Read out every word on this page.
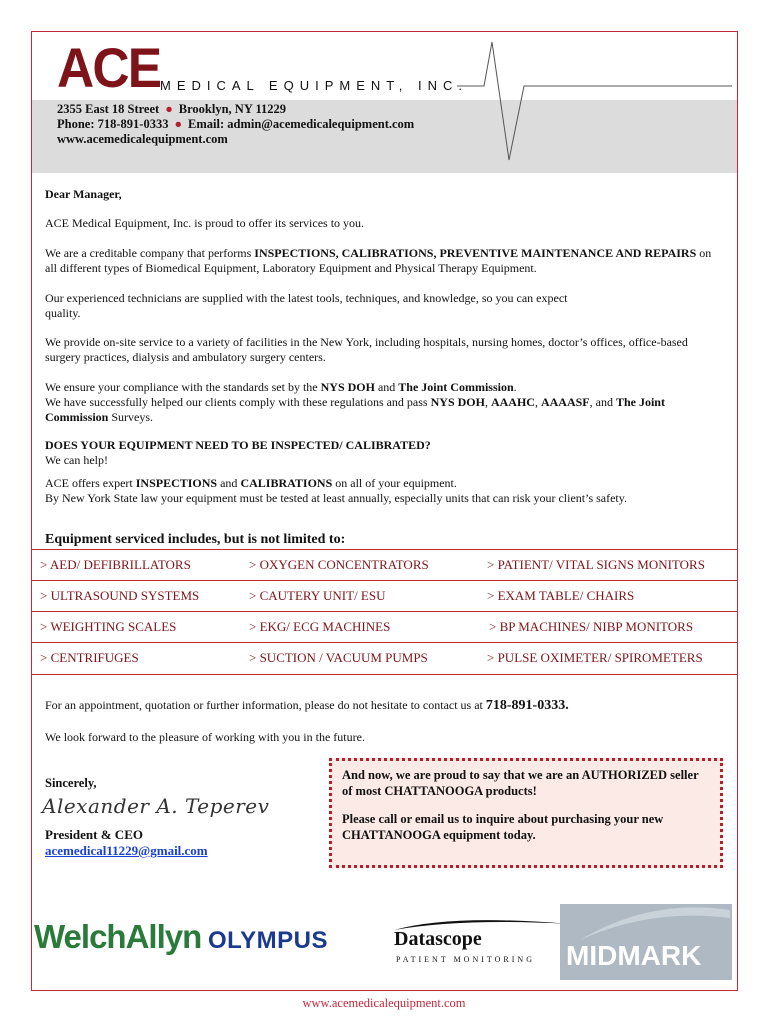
ACE MEDICAL EQUIPMENT, INC.
2355 East 18 Street ● Brooklyn, NY 11229
Phone: 718-891-0333 ● Email: admin@acemedicalequipment.com
www.acemedicalequipment.com
Dear Manager,
ACE Medical Equipment, Inc. is proud to offer its services to you.
We are a creditable company that performs INSPECTIONS, CALIBRATIONS, PREVENTIVE MAINTENANCE AND REPAIRS on all different types of Biomedical Equipment, Laboratory Equipment and Physical Therapy Equipment.
Our experienced technicians are supplied with the latest tools, techniques, and knowledge, so you can expect quality.
We provide on-site service to a variety of facilities in the New York, including hospitals, nursing homes, doctor’s offices, office-based surgery practices, dialysis and ambulatory surgery centers.
We ensure your compliance with the standards set by the NYS DOH and The Joint Commission.
We have successfully helped our clients comply with these regulations and pass NYS DOH, AAAHC, AAAASF, and The Joint Commission Surveys.
DOES YOUR EQUIPMENT NEED TO BE INSPECTED/ CALIBRATED?
We can help!
ACE offers expert INSPECTIONS and CALIBRATIONS on all of your equipment.
By New York State law your equipment must be tested at least annually, especially units that can risk your client’s safety.
Equipment serviced includes, but is not limited to:
> AED/ DEFIBRILLATORS	> OXYGEN CONCENTRATORS	> PATIENT/ VITAL SIGNS MONITORS
> ULTRASOUND SYSTEMS	> CAUTERY UNIT/ ESU	> EXAM TABLE/ CHAIRS
> WEIGHTING SCALES	> EKG/ ECG MACHINES	> BP MACHINES/ NIBP MONITORS
> CENTRIFUGES	> SUCTION / VACUUM PUMPS	> PULSE OXIMETER/ SPIROMETERS
For an appointment, quotation or further information, please do not hesitate to contact us at 718-891-0333.
We look forward to the pleasure of working with you in the future.
Sincerely,
Alexander A. Teperev
President & CEO
acemedical11229@gmail.com

And now, we are proud to say that we are an AUTHORIZED seller of most CHATTANOOGA products!

Please call or email us to inquire about purchasing your new CHATTANOOGA equipment today.

WelchAllyn OLYMPUS	Datascope
PATIENT MONITORING MIDMARK
www.acemedicalequipment.com
